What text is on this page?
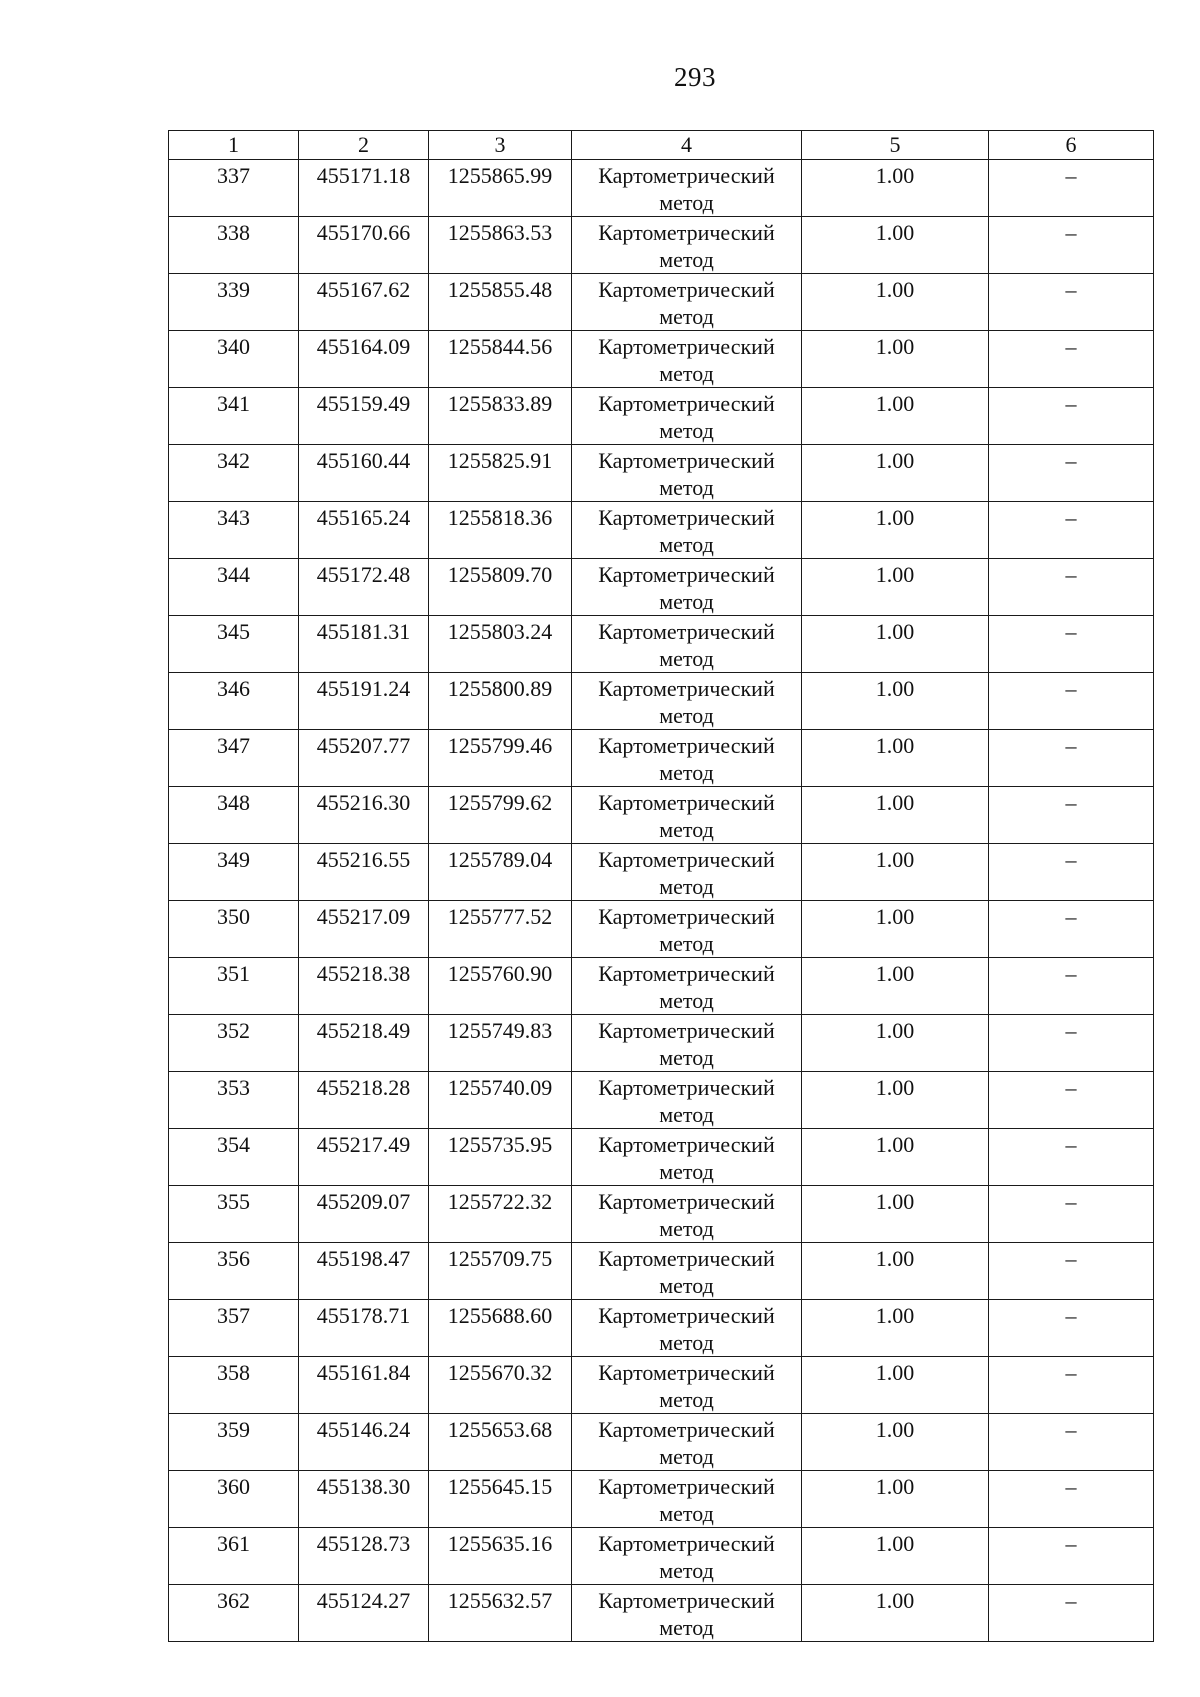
293
1	2	3	4	5	6
337	455171.18	1255865.99	Картометрический метод	1.00	–
338	455170.66	1255863.53	Картометрический метод	1.00	–
339	455167.62	1255855.48	Картометрический метод	1.00	–
340	455164.09	1255844.56	Картометрический метод	1.00	–
341	455159.49	1255833.89	Картометрический метод	1.00	–
342	455160.44	1255825.91	Картометрический метод	1.00	–
343	455165.24	1255818.36	Картометрический метод	1.00	–
344	455172.48	1255809.70	Картометрический метод	1.00	–
345	455181.31	1255803.24	Картометрический метод	1.00	–
346	455191.24	1255800.89	Картометрический метод	1.00	–
347	455207.77	1255799.46	Картометрический метод	1.00	–
348	455216.30	1255799.62	Картометрический метод	1.00	–
349	455216.55	1255789.04	Картометрический метод	1.00	–
350	455217.09	1255777.52	Картометрический метод	1.00	–
351	455218.38	1255760.90	Картометрический метод	1.00	–
352	455218.49	1255749.83	Картометрический метод	1.00	–
353	455218.28	1255740.09	Картометрический метод	1.00	–
354	455217.49	1255735.95	Картометрический метод	1.00	–
355	455209.07	1255722.32	Картометрический метод	1.00	–
356	455198.47	1255709.75	Картометрический метод	1.00	–
357	455178.71	1255688.60	Картометрический метод	1.00	–
358	455161.84	1255670.32	Картометрический метод	1.00	–
359	455146.24	1255653.68	Картометрический метод	1.00	–
360	455138.30	1255645.15	Картометрический метод	1.00	–
361	455128.73	1255635.16	Картометрический метод	1.00	–
362	455124.27	1255632.57	Картометрический метод	1.00	–
